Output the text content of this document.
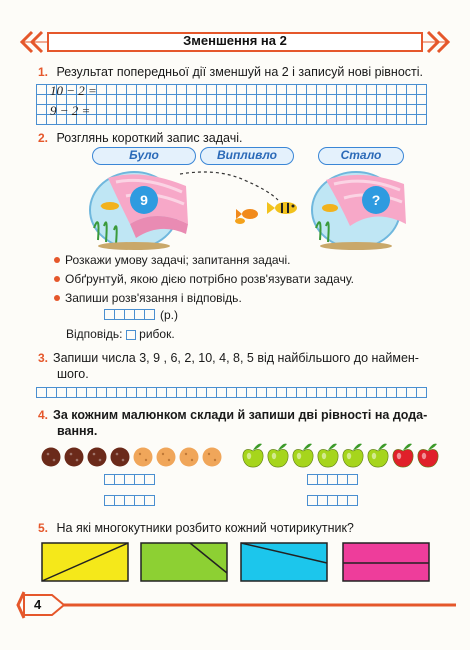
Зменшення на 2
1. Результат попередньої дії зменшуй на 2 і записуй нові рівності.
10 − 2 =
9 − 2 =
2. Розглянь короткий запис задачі.
Було	Випливло	Стало
9	?
Розкажи умову задачі; запитання задачі.
Обґрунтуй, якою дією потрібно розв'язувати задачу.
Запиши розв'язання і відповідь.
(р.)
Відповідь: рибок.
3. Запиши числа 3, 9 , 6, 2, 10, 4, 8, 5 від найбільшого до наймен-
шого.
4. За кожним малюнком склади й запиши дві рівності на дода-
вання.
5. На які многокутники розбито кожний чотирикутник?
4
